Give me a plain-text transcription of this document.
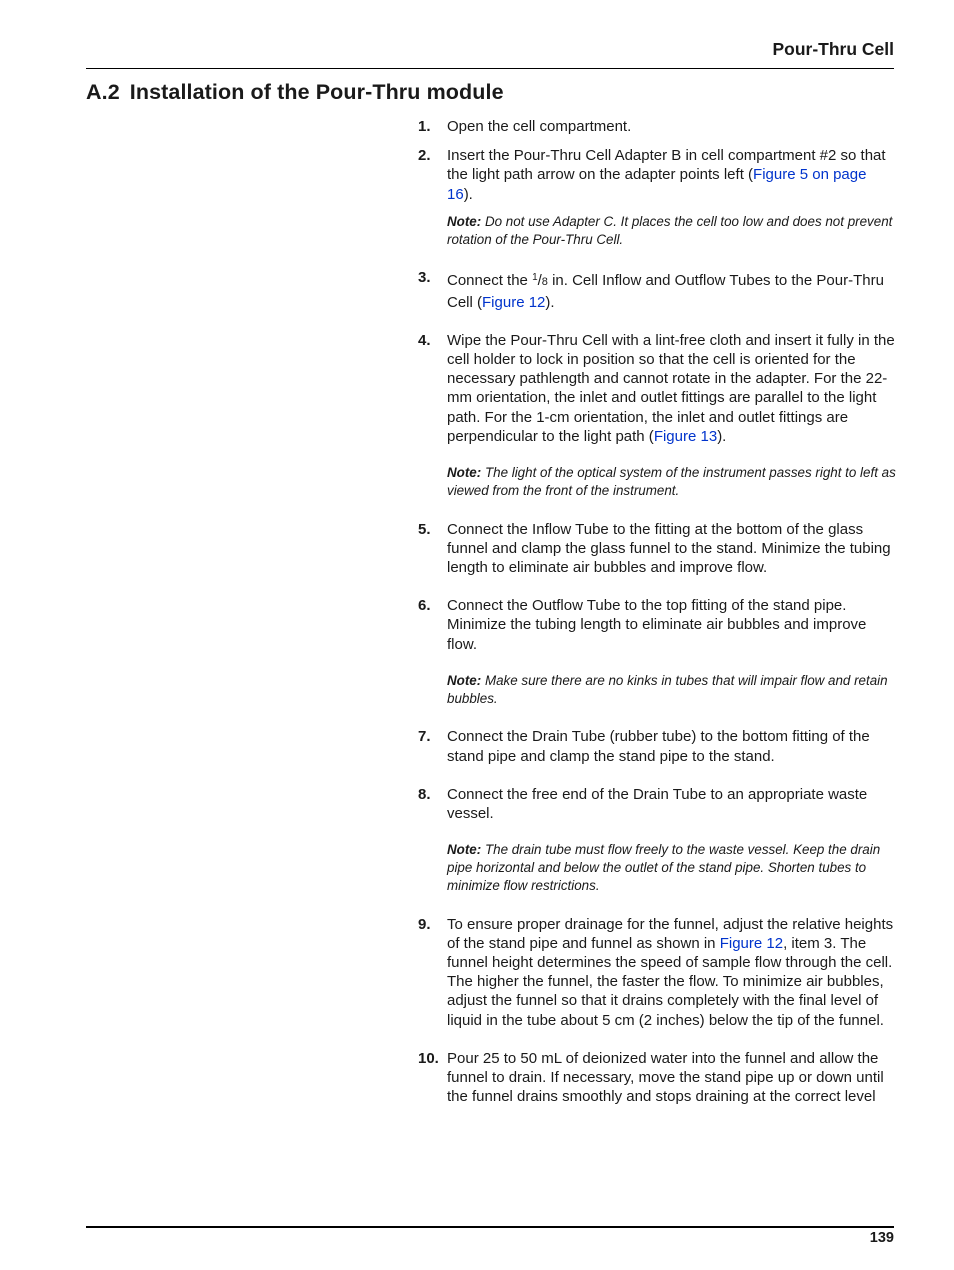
Pour-Thru Cell
A.2 Installation of the Pour-Thru module
1. Open the cell compartment.
2. Insert the Pour-Thru Cell Adapter B in cell compartment #2 so that the light path arrow on the adapter points left (Figure 5 on page 16).
Note: Do not use Adapter C. It places the cell too low and does not prevent rotation of the Pour-Thru Cell.
3. Connect the $^1$/8 in. Cell Inflow and Outflow Tubes to the Pour-Thru Cell (Figure 12).
4. Wipe the Pour-Thru Cell with a lint-free cloth and insert it fully in the cell holder to lock in position so that the cell is oriented for the necessary pathlength and cannot rotate in the adapter. For the 22-mm orientation, the inlet and outlet fittings are parallel to the light path. For the 1-cm orientation, the inlet and outlet fittings are perpendicular to the light path (Figure 13).
Note: The light of the optical system of the instrument passes right to left as viewed from the front of the instrument.
5. Connect the Inflow Tube to the fitting at the bottom of the glass funnel and clamp the glass funnel to the stand. Minimize the tubing length to eliminate air bubbles and improve flow.
6. Connect the Outflow Tube to the top fitting of the stand pipe. Minimize the tubing length to eliminate air bubbles and improve flow.
Note: Make sure there are no kinks in tubes that will impair flow and retain bubbles.
7. Connect the Drain Tube (rubber tube) to the bottom fitting of the stand pipe and clamp the stand pipe to the stand.
8. Connect the free end of the Drain Tube to an appropriate waste vessel.
Note: The drain tube must flow freely to the waste vessel. Keep the drain pipe horizontal and below the outlet of the stand pipe. Shorten tubes to minimize flow restrictions.
9. To ensure proper drainage for the funnel, adjust the relative heights of the stand pipe and funnel as shown in Figure 12, item 3. The funnel height determines the speed of sample flow through the cell. The higher the funnel, the faster the flow. To minimize air bubbles, adjust the funnel so that it drains completely with the final level of liquid in the tube about 5 cm (2 inches) below the tip of the funnel.
10. Pour 25 to 50 mL of deionized water into the funnel and allow the funnel to drain. If necessary, move the stand pipe up or down until the funnel drains smoothly and stops draining at the correct level
139
